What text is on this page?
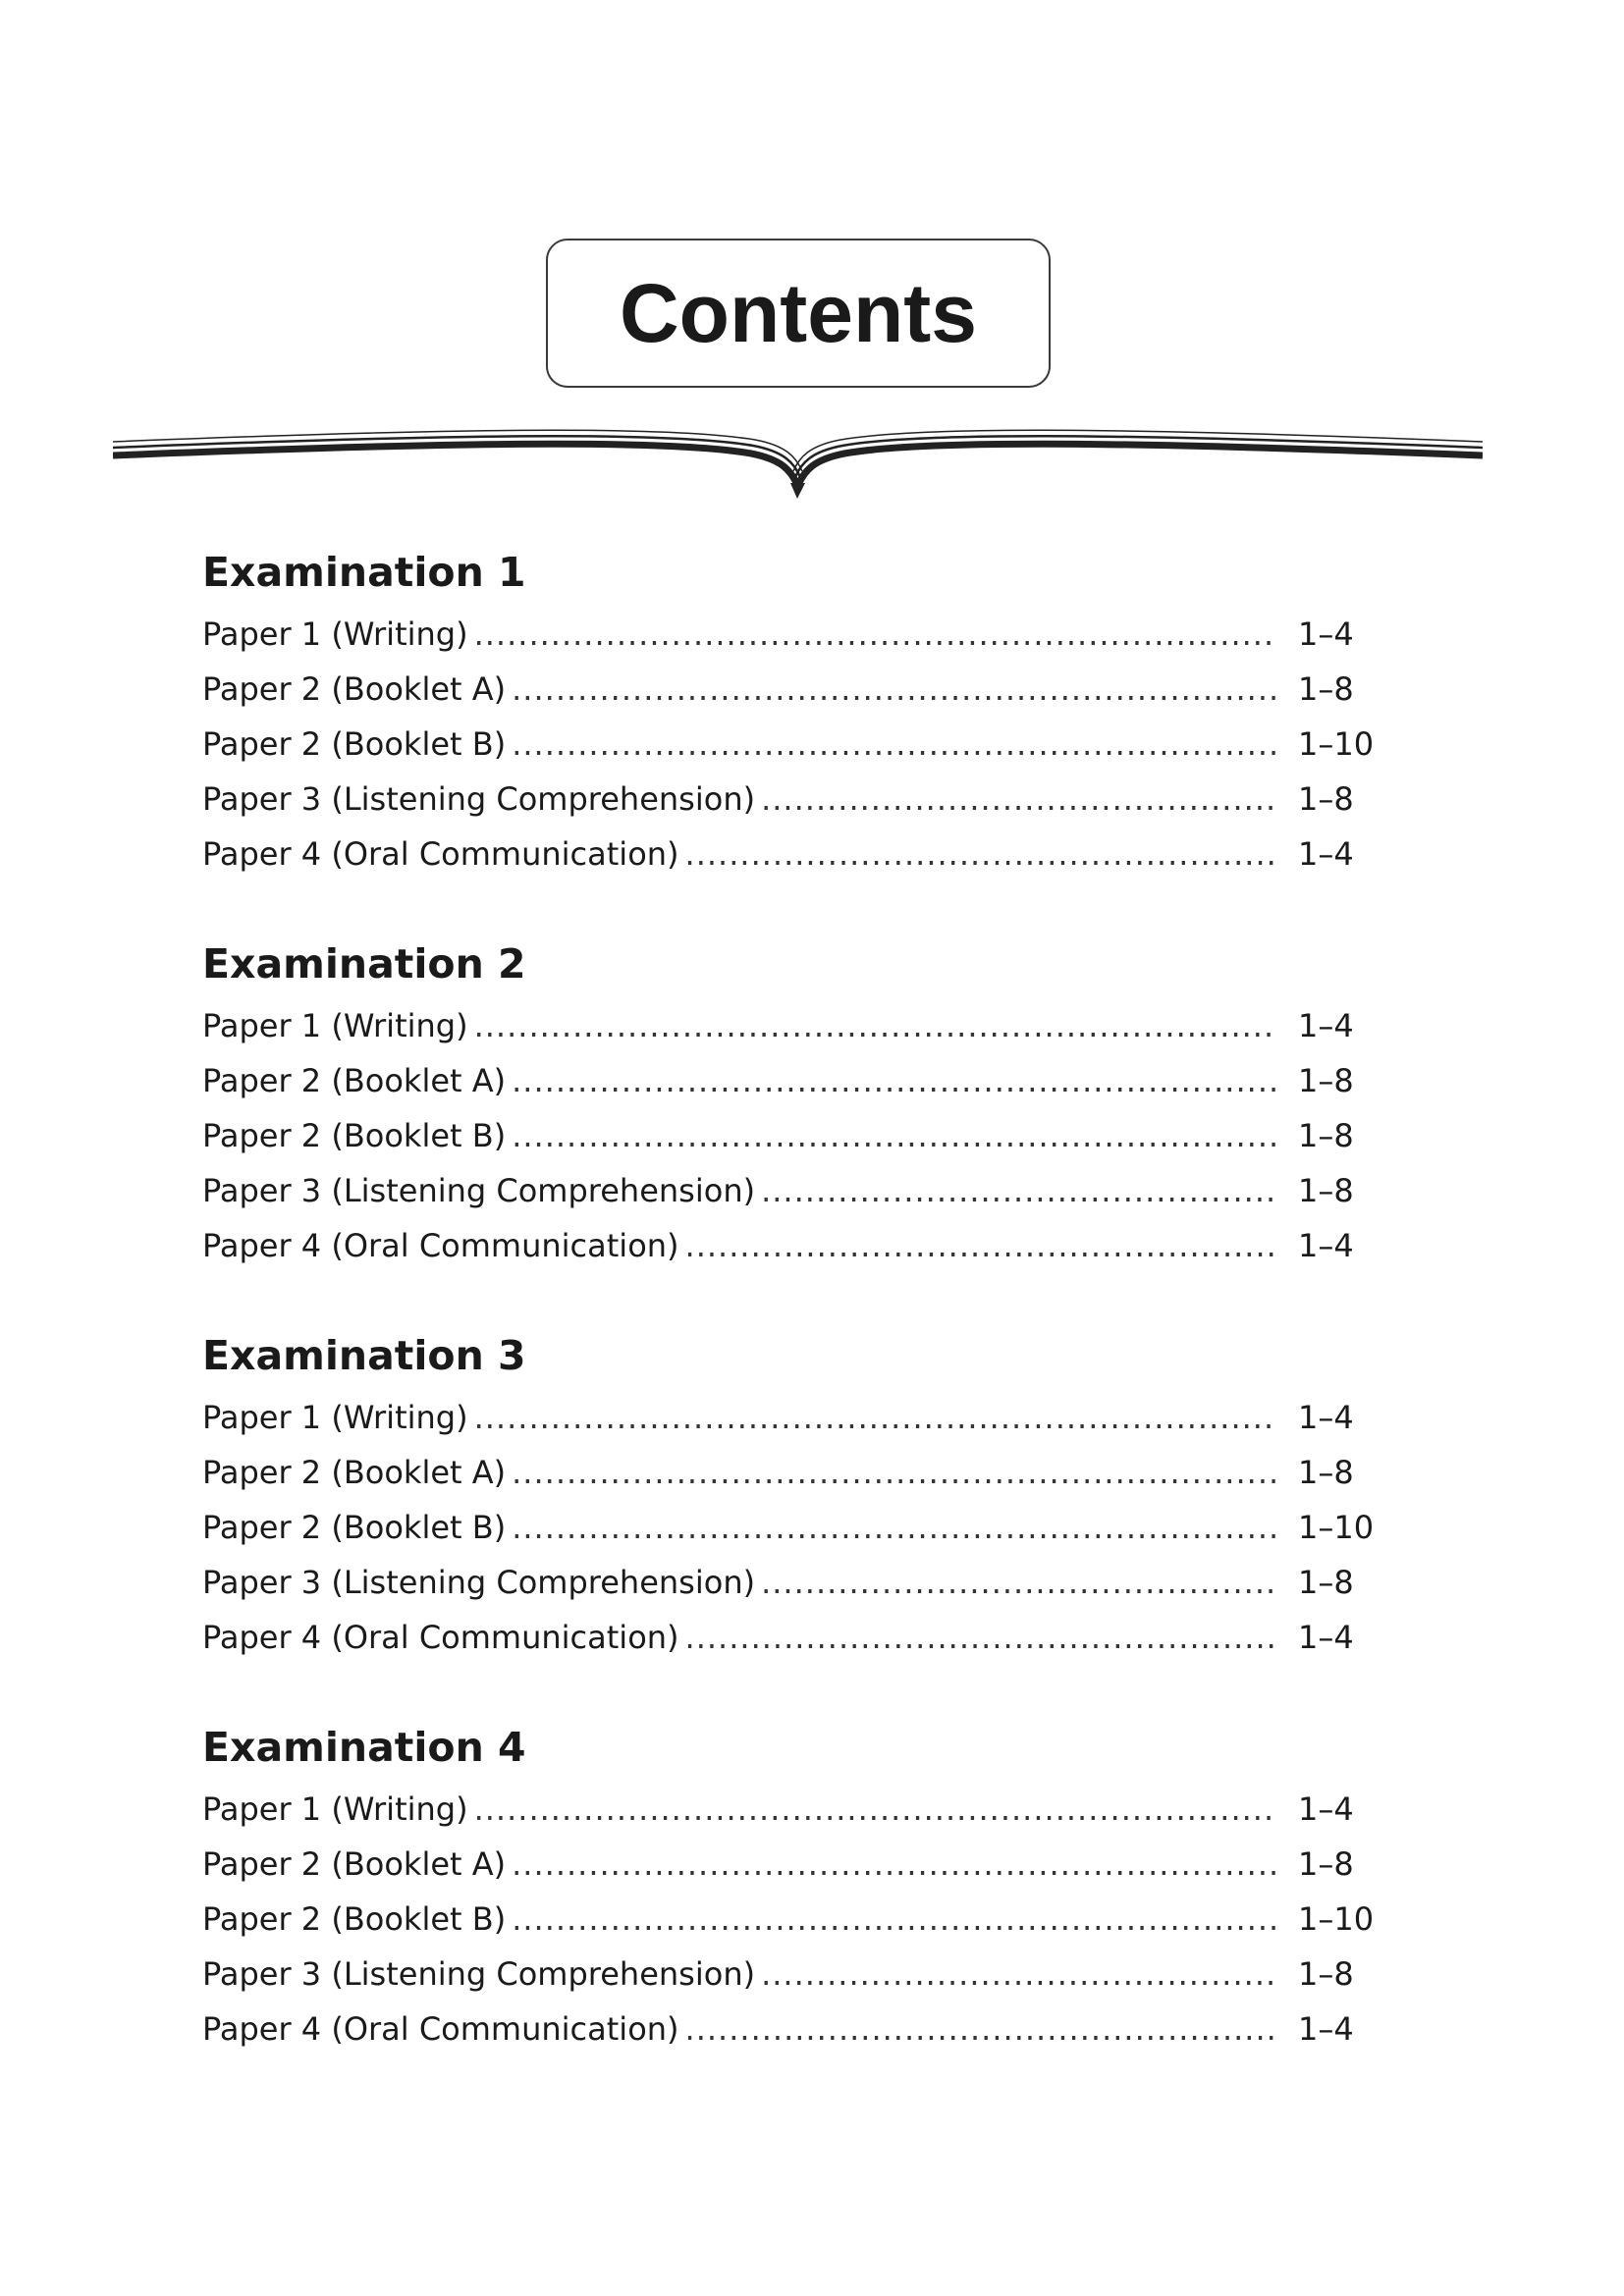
Contents
Examination 1
Paper 1 (Writing) .....	1–4
Paper 2 (Booklet A) .....	1–8
Paper 2 (Booklet B) .....	1–10
Paper 3 (Listening Comprehension) .....	1–8
Paper 4 (Oral Communication) .....	1–4
Examination 2
Paper 1 (Writing) .....	1–4
Paper 2 (Booklet A) .....	1–8
Paper 2 (Booklet B) .....	1–8
Paper 3 (Listening Comprehension) .....	1–8
Paper 4 (Oral Communication) .....	1–4
Examination 3
Paper 1 (Writing) .....	1–4
Paper 2 (Booklet A) .....	1–8
Paper 2 (Booklet B) .....	1–10
Paper 3 (Listening Comprehension) .....	1–8
Paper 4 (Oral Communication) .....	1–4
Examination 4
Paper 1 (Writing) .....	1–4
Paper 2 (Booklet A) .....	1–8
Paper 2 (Booklet B) .....	1–10
Paper 3 (Listening Comprehension) .....	1–8
Paper 4 (Oral Communication) .....	1–4
